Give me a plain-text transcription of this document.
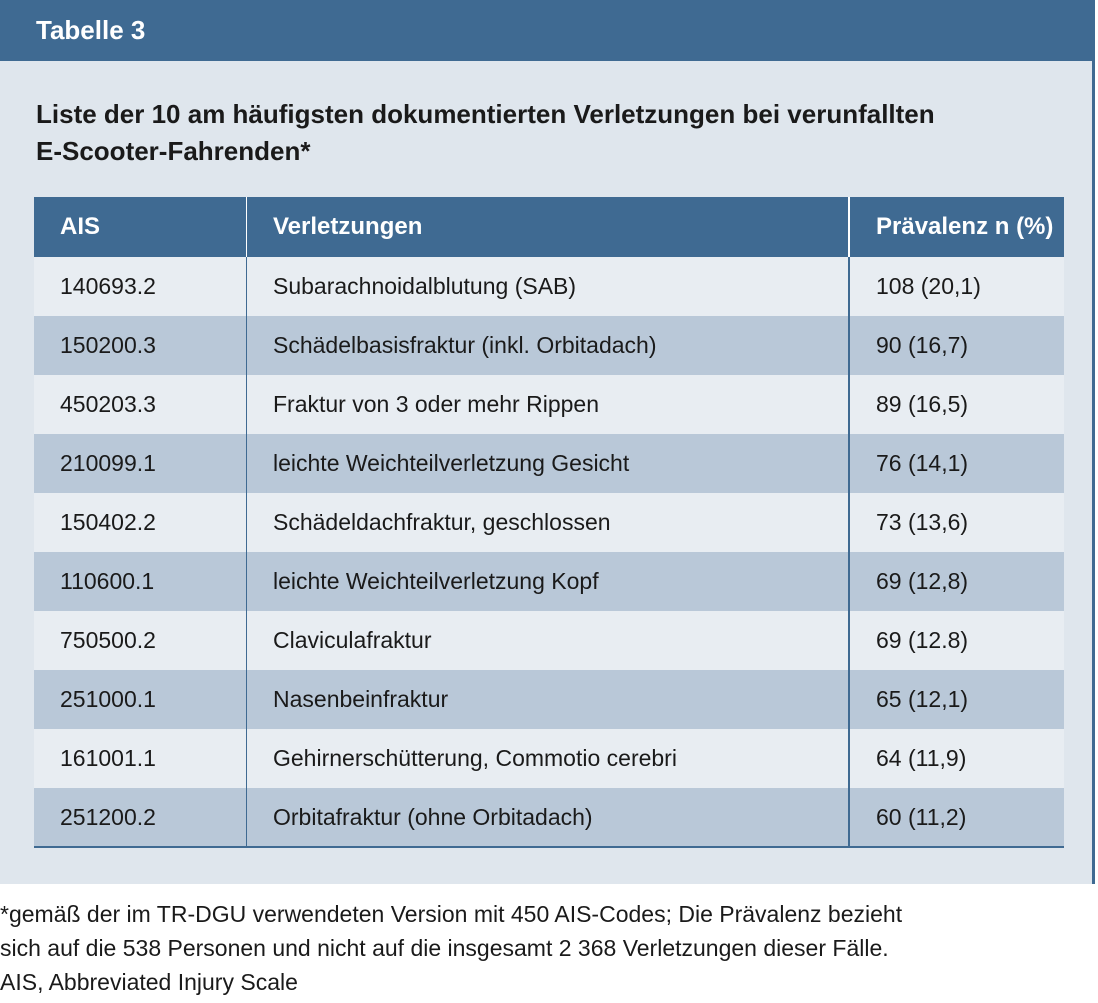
Tabelle 3
Liste der 10 am häufigsten dokumentierten Verletzungen bei verunfallten
E-Scooter-Fahrenden*
AIS	Verletzungen	Prävalenz n (%)
140693.2	Subarachnoidalblutung (SAB)	108 (20,1)
150200.3	Schädelbasisfraktur (inkl. Orbitadach)	90 (16,7)
450203.3	Fraktur von 3 oder mehr Rippen	89 (16,5)
210099.1	leichte Weichteilverletzung Gesicht	76 (14,1)
150402.2	Schädeldachfraktur, geschlossen	73 (13,6)
110600.1	leichte Weichteilverletzung Kopf	69 (12,8)
750500.2	Claviculafraktur	69 (12.8)
251000.1	Nasenbeinfraktur	65 (12,1)
161001.1	Gehirnerschütterung, Commotio cerebri	64 (11,9)
251200.2	Orbitafraktur (ohne Orbitadach)	60 (11,2)
*gemäß der im TR-DGU verwendeten Version mit 450 AIS-Codes; Die Prävalenz bezieht
sich auf die 538 Personen und nicht auf die insgesamt 2 368 Verletzungen dieser Fälle.
AIS, Abbreviated Injury Scale
